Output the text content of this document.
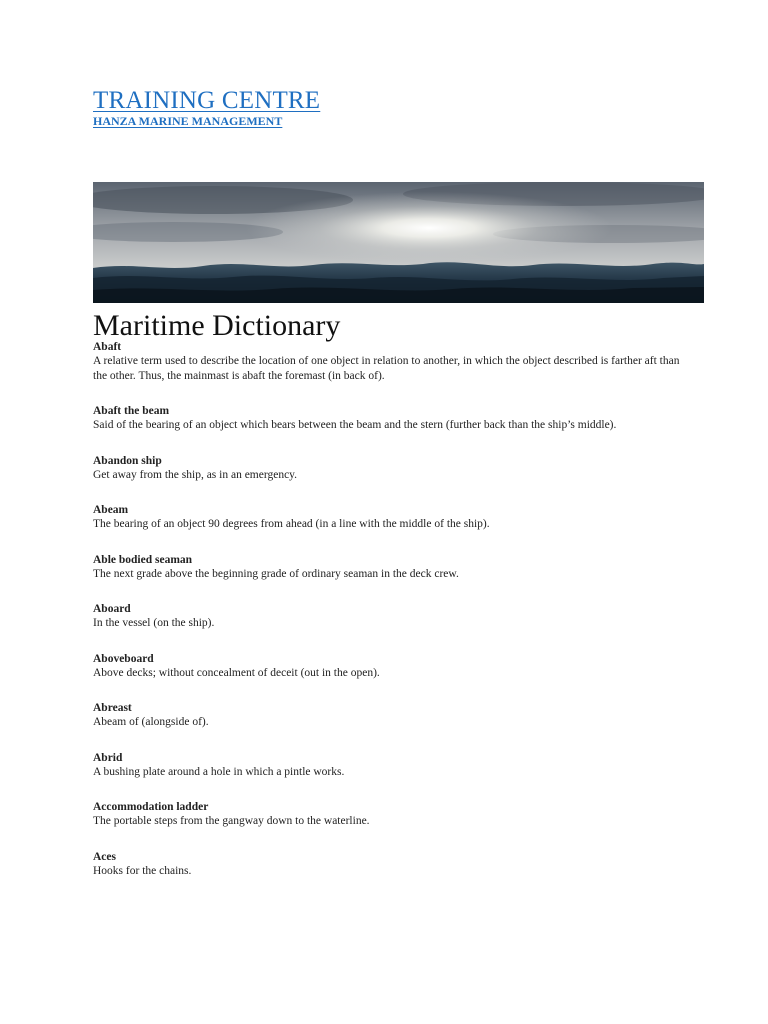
TRAINING CENTRE
HANZA MARINE MANAGEMENT
Maritime Dictionary
Abaft
A relative term used to describe the location of one object in relation to another, in which the object described is farther aft than the other. Thus, the mainmast is abaft the foremast (in back of).
Abaft the beam
Said of the bearing of an object which bears between the beam and the stern (further back than the ship’s middle).
Abandon ship
Get away from the ship, as in an emergency.
Abeam
The bearing of an object 90 degrees from ahead (in a line with the middle of the ship).
Able bodied seaman
The next grade above the beginning grade of ordinary seaman in the deck crew.
Aboard
In the vessel (on the ship).
Aboveboard
Above decks; without concealment of deceit (out in the open).
Abreast
Abeam of (alongside of).
Abrid
A bushing plate around a hole in which a pintle works.
Accommodation ladder
The portable steps from the gangway down to the waterline.
Aces
Hooks for the chains.
